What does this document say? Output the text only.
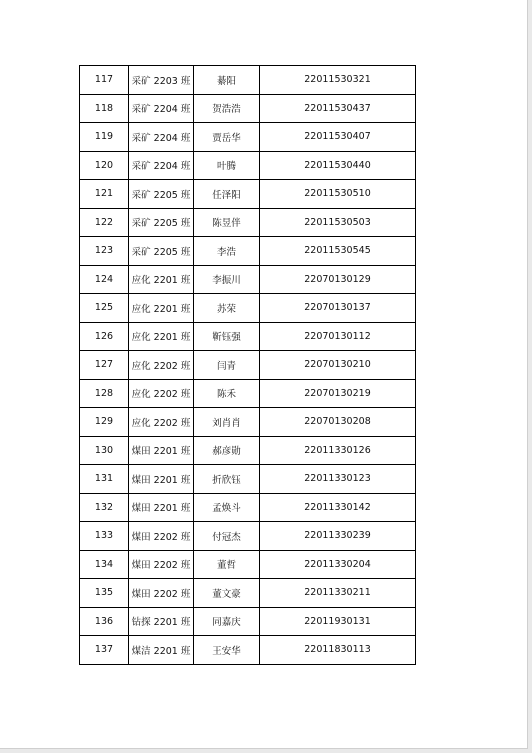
117	采矿 2203 班	綦阳	22011530321
118	采矿 2204 班	贺浩浩	22011530437
119	采矿 2204 班	贾岳华	22011530407
120	采矿 2204 班	叶腾	22011530440
121	采矿 2205 班	任泽阳	22011530510
122	采矿 2205 班	陈昱伴	22011530503
123	采矿 2205 班	李浩	22011530545
124	应化 2201 班	李振川	22070130129
125	应化 2201 班	苏荣	22070130137
126	应化 2201 班	靳钰强	22070130112
127	应化 2202 班	闫青	22070130210
128	应化 2202 班	陈禾	22070130219
129	应化 2202 班	刘肖肖	22070130208
130	煤田 2201 班	郝彦勋	22011330126
131	煤田 2201 班	折欣钰	22011330123
132	煤田 2201 班	孟焕斗	22011330142
133	煤田 2202 班	付冠杰	22011330239
134	煤田 2202 班	董哲	22011330204
135	煤田 2202 班	董文豪	22011330211
136	钻探 2201 班	同嘉庆	22011930131
137	煤洁 2201 班	王安华	22011830113
